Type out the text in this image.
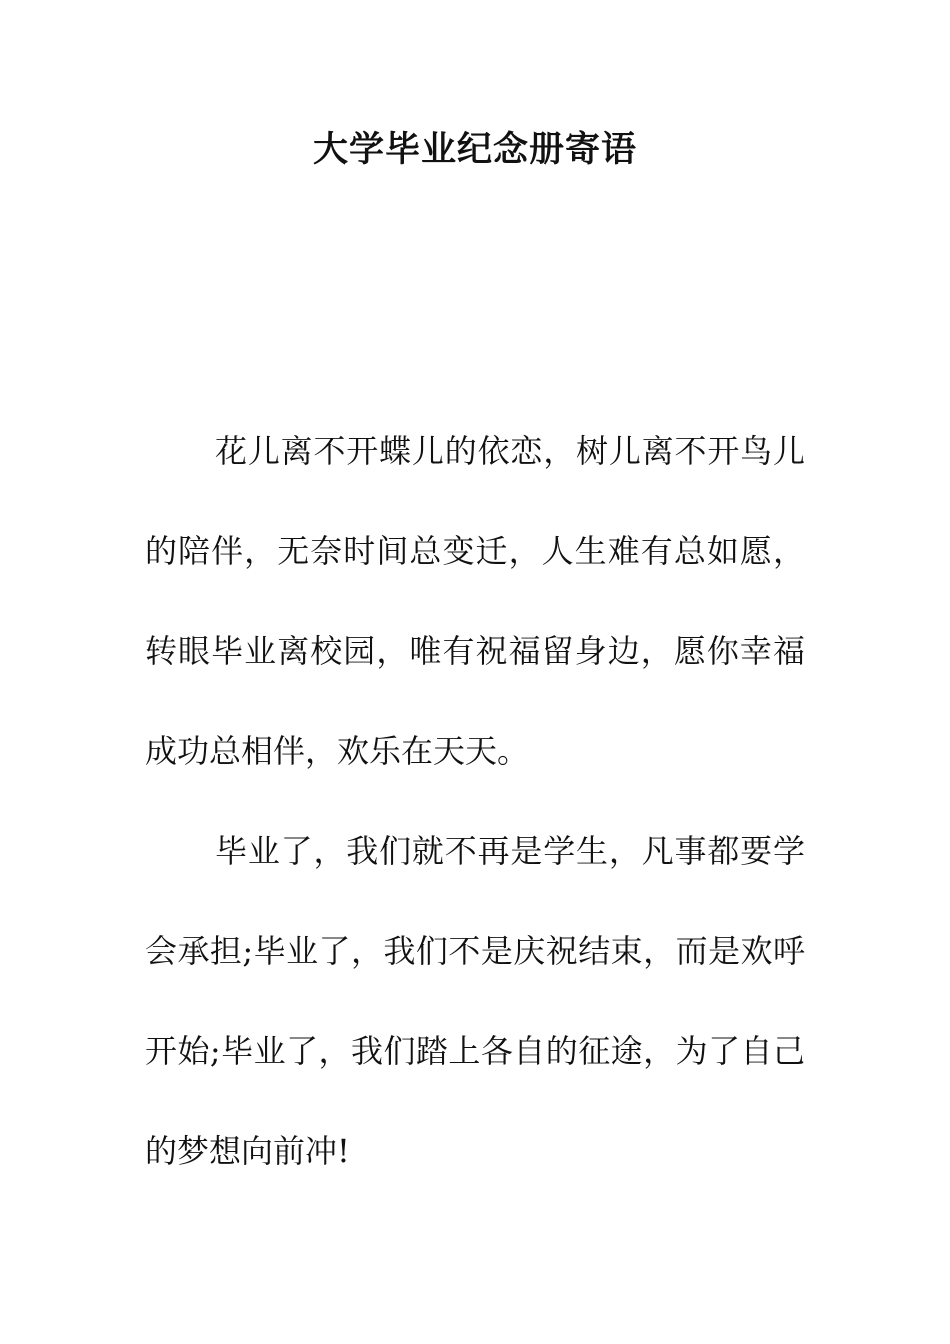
大学毕业纪念册寄语

花儿离不开蝶儿的依恋，树儿离不开鸟儿的陪伴，无奈时间总变迁，人生难有总如愿，转眼毕业离校园，唯有祝福留身边，愿你幸福成功总相伴，欢乐在天天。

毕业了，我们就不再是学生，凡事都要学会承担;毕业了，我们不是庆祝结束，而是欢呼开始;毕业了，我们踏上各自的征途，为了自己的梦想向前冲!
